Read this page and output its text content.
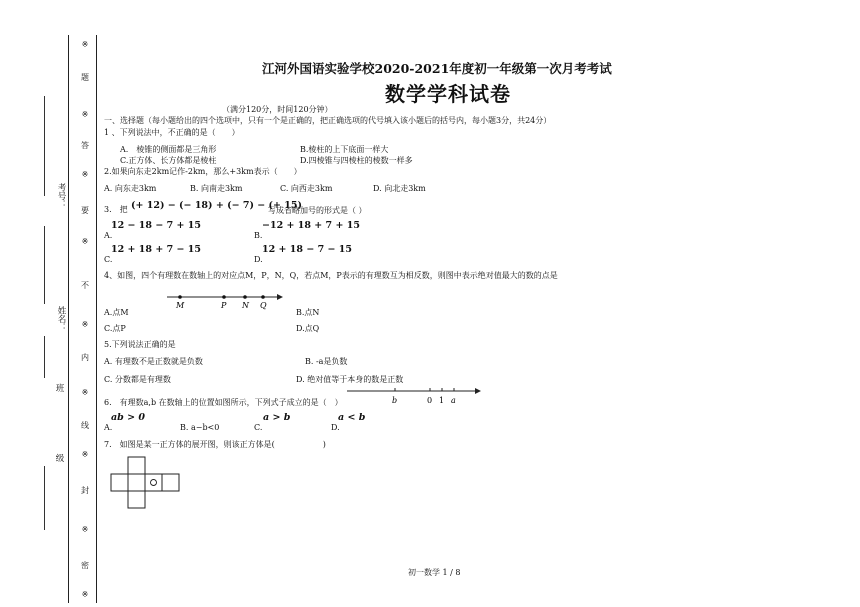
※
题
※
答
※
要
※
不
※
内
※
线
※
封
※
密
※
考号：
姓名：
班
级
江河外国语实验学校2020-2021年度初一年级第一次月考考试
数学学科试卷
（满分120分，时间120分钟）
一、选择题（每小题给出的四个选项中，只有一个是正确的，把正确选项的代号填入该小题后的括号内，每小题3分，共24分）
1 、下列说法中，不正确的是（　　）
A.　棱锥的侧面都是三角形	B.棱柱的上下底面一样大
C.正方体、长方体都是棱柱	D.四棱锥与四棱柱的棱数一样多
2.如果向东走2km记作-2km，那么+3km表示（　　）
A. 向东走3km	B. 向南走3km	C. 向西走3km	D. 向北走3km
3.　把 (+ 12) − (− 18) + (− 7) − (+ 15)
写成省略加号的形式是（ ）
12 − 18 − 7 + 15
A.
−12 + 18 + 7 + 15
B.
12 + 18 + 7 − 15
C.
12 + 18 − 7 − 15
D.
4、如图，四个有理数在数轴上的对应点M，P，N，Q，若点M，P表示的有理数互为相反数，则图中表示绝对值最大的数的点是
M	P N Q
A.点M	B.点N
C.点P	D.点Q
5.下列说法正确的是
A. 有理数不是正数就是负数	B. -a是负数
C. 分数都是有理数	D. 绝对值等于本身的数是正数
6.　有理数a,b 在数轴上的位置如图所示，下列式子成立的是（　）	b	0 1 a
ab > 0
A.	B. a−b<0
a > b
C.
a < b
D.
7.　如图是某一正方体的展开图，则该正方体是(　　　　　　)
初一数学 1 / 8
